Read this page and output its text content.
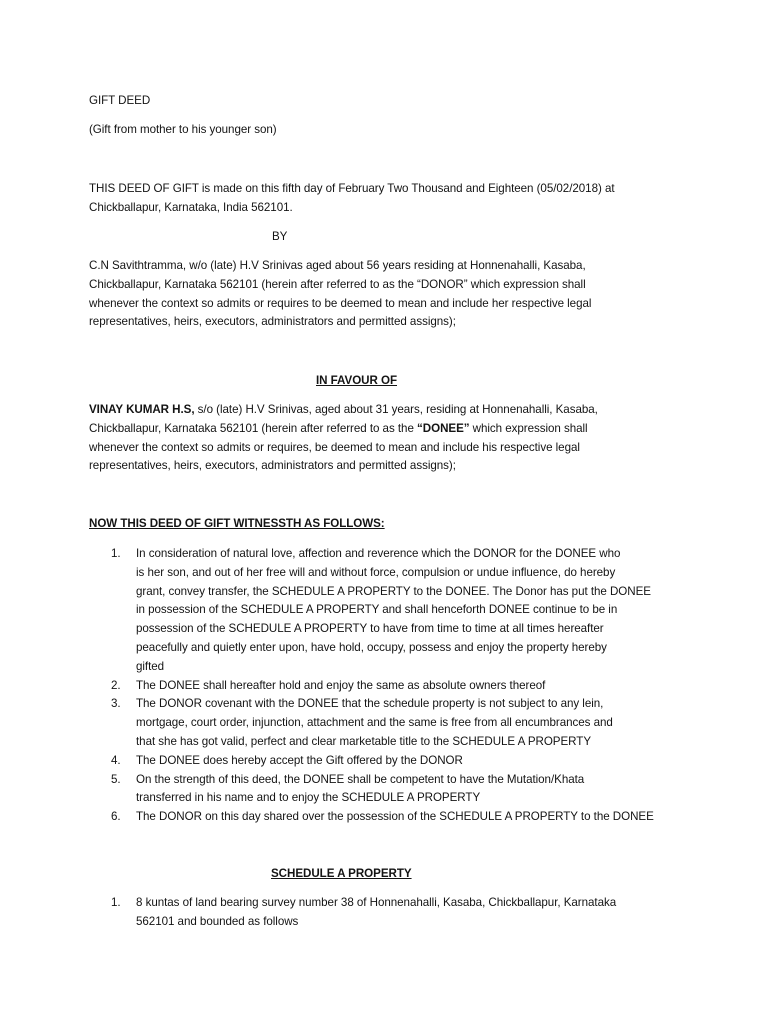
GIFT DEED
(Gift from mother to his younger son)
THIS DEED OF GIFT is made on this fifth day of February Two Thousand and Eighteen (05/02/2018) at
Chickballapur, Karnataka, India 562101.
BY
C.N Savithtramma, w/o (late) H.V Srinivas aged about 56 years residing at Honnenahalli, Kasaba,
Chickballapur, Karnataka 562101 (herein after referred to as the “DONOR” which expression shall
whenever the context so admits or requires to be deemed to mean and include her respective legal
representatives, heirs, executors, administrators and permitted assigns);
IN FAVOUR OF
VINAY KUMAR H.S, s/o (late) H.V Srinivas, aged about 31 years, residing at Honnenahalli, Kasaba,
Chickballapur, Karnataka 562101 (herein after referred to as the “DONEE” which expression shall
whenever the context so admits or requires, be deemed to mean and include his respective legal
representatives, heirs, executors, administrators and permitted assigns);
NOW THIS DEED OF GIFT WITNESSTH AS FOLLOWS:
1. In consideration of natural love, affection and reverence which the DONOR for the DONEE who
is her son, and out of her free will and without force, compulsion or undue influence, do hereby
grant, convey transfer, the SCHEDULE A PROPERTY to the DONEE. The Donor has put the DONEE
in possession of the SCHEDULE A PROPERTY and shall henceforth DONEE continue to be in
possession of the SCHEDULE A PROPERTY to have from time to time at all times hereafter
peacefully and quietly enter upon, have hold, occupy, possess and enjoy the property hereby
gifted
2. The DONEE shall hereafter hold and enjoy the same as absolute owners thereof
3. The DONOR covenant with the DONEE that the schedule property is not subject to any lein,
mortgage, court order, injunction, attachment and the same is free from all encumbrances and
that she has got valid, perfect and clear marketable title to the SCHEDULE A PROPERTY
4. The DONEE does hereby accept the Gift offered by the DONOR
5. On the strength of this deed, the DONEE shall be competent to have the Mutation/Khata
transferred in his name and to enjoy the SCHEDULE A PROPERTY
6. The DONOR on this day shared over the possession of the SCHEDULE A PROPERTY to the DONEE
SCHEDULE A PROPERTY
1. 8 kuntas of land bearing survey number 38 of Honnenahalli, Kasaba, Chickballapur, Karnataka
562101 and bounded as follows
